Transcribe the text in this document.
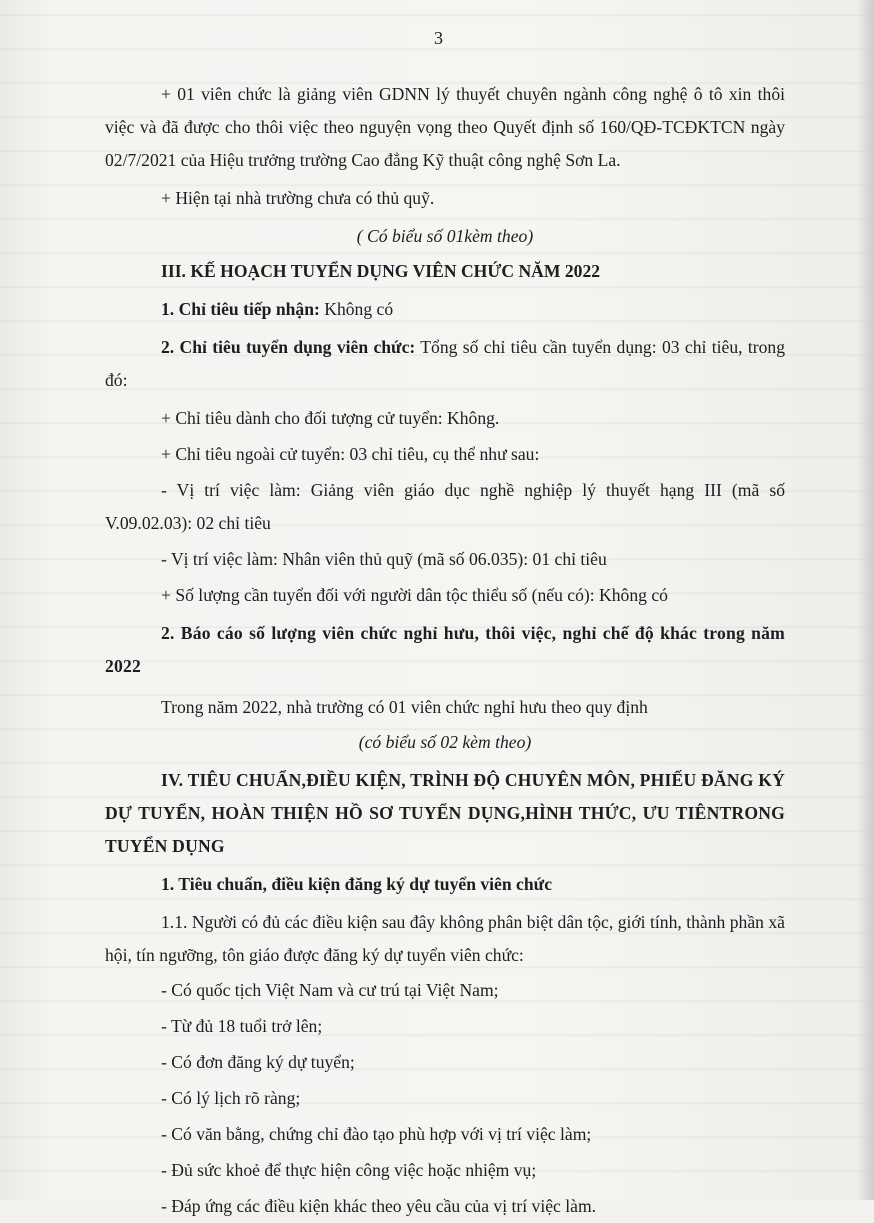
3

+ 01 viên chức là giảng viên GDNN lý thuyết chuyên ngành công nghệ ô tô xin thôi việc và đã được cho thôi việc theo nguyện vọng theo Quyết định số 160/QĐ-TCĐKTCN ngày 02/7/2021 của Hiệu trưởng trường Cao đẳng Kỹ thuật công nghệ Sơn La.

+ Hiện tại nhà trường chưa có thủ quỹ.

( Có biểu số 01kèm theo)

III. KẾ HOẠCH TUYỂN DỤNG VIÊN CHỨC NĂM 2022

1. Chỉ tiêu tiếp nhận: Không có

2. Chỉ tiêu tuyển dụng viên chức: Tổng số chỉ tiêu cần tuyển dụng: 03 chỉ tiêu, trong đó:

+ Chỉ tiêu dành cho đối tượng cử tuyển: Không.

+ Chỉ tiêu ngoài cử tuyển: 03 chỉ tiêu, cụ thể như sau:

- Vị trí việc làm: Giảng viên giáo dục nghề nghiệp lý thuyết hạng III (mã số V.09.02.03): 02 chỉ tiêu

- Vị trí việc làm: Nhân viên thủ quỹ (mã số 06.035): 01 chỉ tiêu

+ Số lượng cần tuyển đối với người dân tộc thiểu số (nếu có): Không có

2. Báo cáo số lượng viên chức nghỉ hưu, thôi việc, nghỉ chế độ khác trong năm 2022

Trong năm 2022, nhà trường có 01 viên chức nghỉ hưu theo quy định

(có biểu số 02 kèm theo)

IV. TIÊU CHUẨN,ĐIỀU KIỆN, TRÌNH ĐỘ CHUYÊN MÔN, PHIẾU ĐĂNG KÝ DỰ TUYỂN, HOÀN THIỆN HỒ SƠ TUYỂN DỤNG,HÌNH THỨC, ƯU TIÊNTRONG TUYỂN DỤNG

1. Tiêu chuẩn, điều kiện đăng ký dự tuyển viên chức

1.1. Người có đủ các điều kiện sau đây không phân biệt dân tộc, giới tính, thành phần xã hội, tín ngưỡng, tôn giáo được đăng ký dự tuyển viên chức:

- Có quốc tịch Việt Nam và cư trú tại Việt Nam;

- Từ đủ 18 tuổi trở lên;

- Có đơn đăng ký dự tuyển;

- Có lý lịch rõ ràng;

- Có văn bằng, chứng chỉ đào tạo phù hợp với vị trí việc làm;

- Đủ sức khoẻ để thực hiện công việc hoặc nhiệm vụ;

- Đáp ứng các điều kiện khác theo yêu cầu của vị trí việc làm.
